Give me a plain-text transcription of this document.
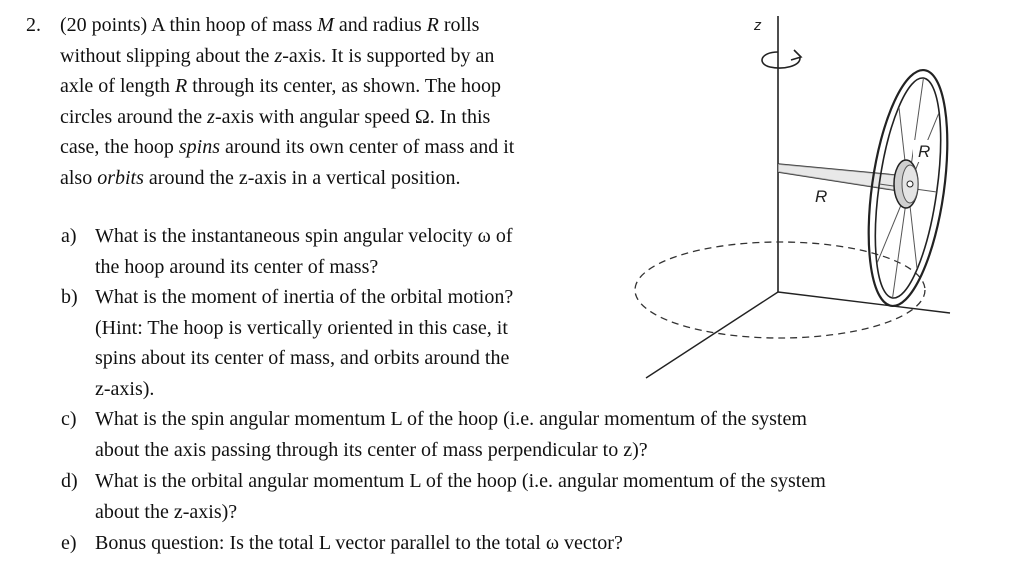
2. (20 points) A thin hoop of mass M and radius R rolls
without slipping about the z-axis. It is supported by an
axle of length R through its center, as shown. The hoop
circles around the z-axis with angular speed Ω. In this
case, the hoop spins around its own center of mass and it
also orbits around the z-axis in a vertical position.
a) What is the instantaneous spin angular velocity ω of
the hoop around its center of mass?
b) What is the moment of inertia of the orbital motion?
(Hint: The hoop is vertically oriented in this case, it
spins about its center of mass, and orbits around the
z-axis).
c) What is the spin angular momentum L of the hoop (i.e. angular momentum of the system
about the axis passing through its center of mass perpendicular to z)?
d) What is the orbital angular momentum L of the hoop (i.e. angular momentum of the system
about the z-axis)?
e) Bonus question: Is the total L vector parallel to the total ω vector?
z
R
R
